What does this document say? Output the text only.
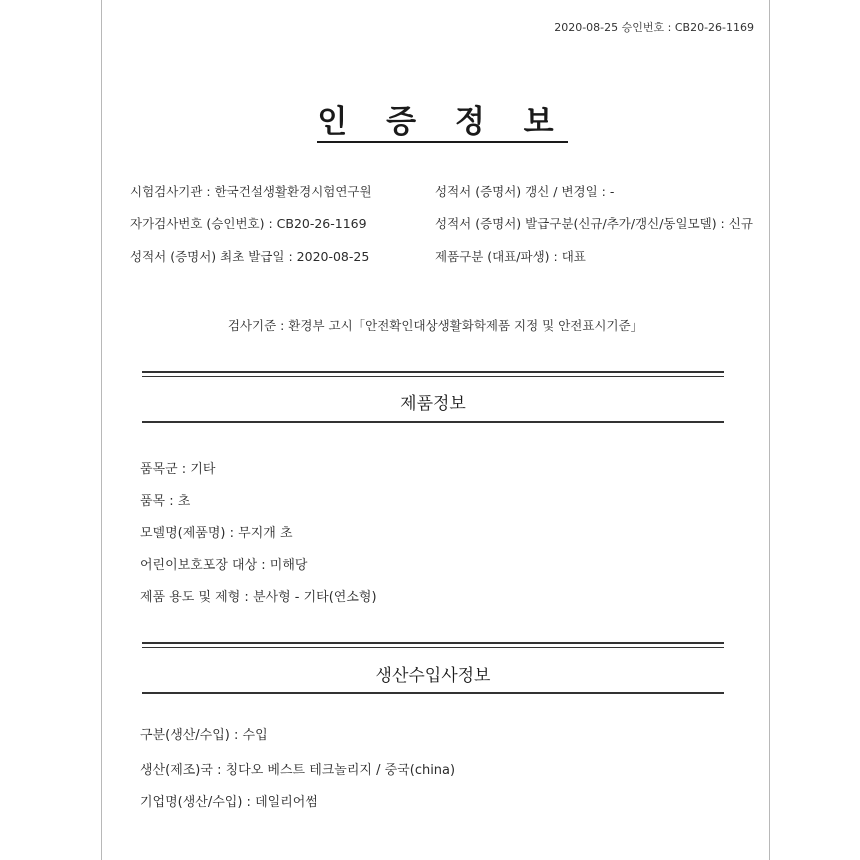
2020-08-25 승인번호 : CB20-26-1169
인 증 정 보
시험검사기관 : 한국건설생활환경시험연구원
자가검사번호 (승인번호) : CB20-26-1169
성적서 (증명서) 최초 발급일 : 2020-08-25
성적서 (증명서) 갱신 / 변경일 : -
성적서 (증명서) 발급구분(신규/추가/갱신/동일모델) : 신규
제품구분 (대표/파생) : 대표
검사기준 : 환경부 고시「안전확인대상생활화학제품 지정 및 안전표시기준」
제품정보
품목군 : 기타
품목 : 초
모델명(제품명) : 무지개 초
어린이보호포장 대상 : 미해당
제품 용도 및 제형 : 분사형 - 기타(연소형)
생산수입사정보
구분(생산/수입) : 수입
생산(제조)국 : 칭다오 베스트 테크놀리지 / 중국(china)
기업명(생산/수입) : 데일리어썸
